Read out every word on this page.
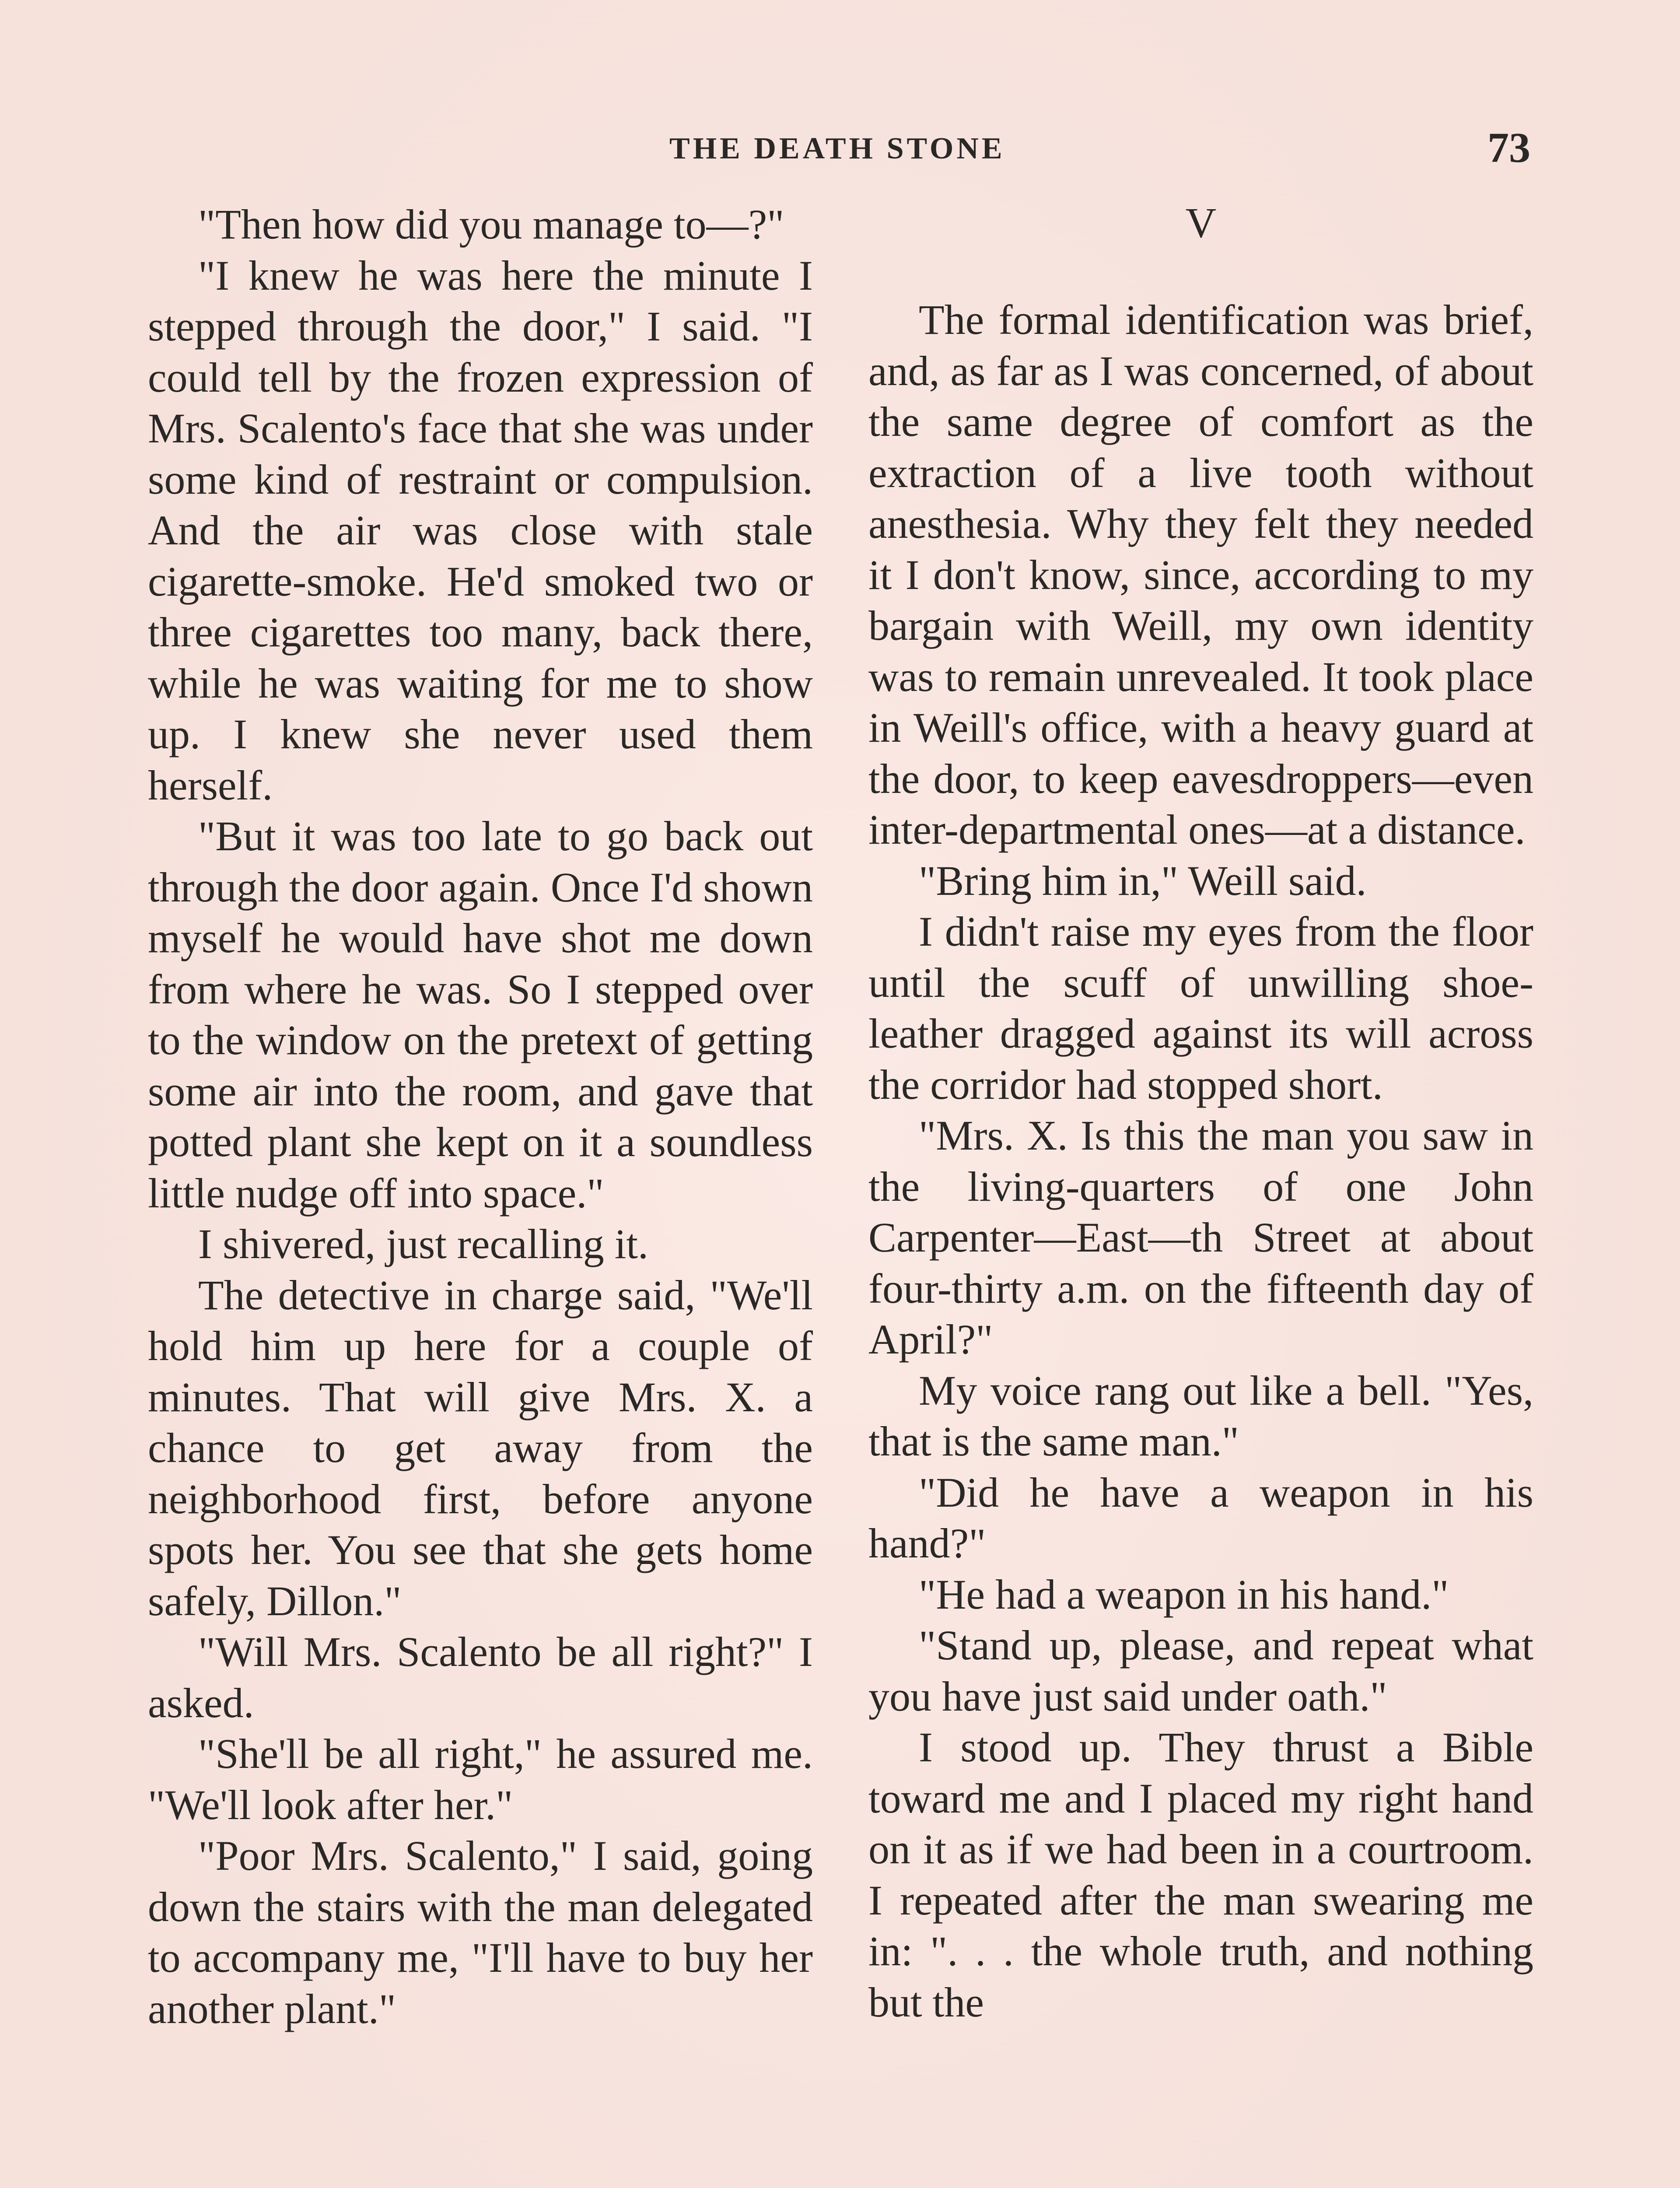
THE DEATH STONE	73

"Then how did you manage to—?"

"I knew he was here the minute I stepped through the door," I said. "I could tell by the frozen expression of Mrs. Scalento's face that she was under some kind of restraint or compulsion. And the air was close with stale cigarette-smoke. He'd smoked two or three cigarettes too many, back there, while he was waiting for me to show up. I knew she never used them herself.

"But it was too late to go back out through the door again. Once I'd shown myself he would have shot me down from where he was. So I stepped over to the window on the pretext of getting some air into the room, and gave that potted plant she kept on it a soundless little nudge off into space."

I shivered, just recalling it.

The detective in charge said, "We'll hold him up here for a couple of minutes. That will give Mrs. X. a chance to get away from the neighborhood first, before anyone spots her. You see that she gets home safely, Dillon."

"Will Mrs. Scalento be all right?" I asked.

"She'll be all right," he assured me. "We'll look after her."

"Poor Mrs. Scalento," I said, going down the stairs with the man delegated to accompany me, "I'll have to buy her another plant."

V

The formal identification was brief, and, as far as I was concerned, of about the same degree of comfort as the extraction of a live tooth without anesthesia. Why they felt they needed it I don't know, since, according to my bargain with Weill, my own identity was to remain unrevealed. It took place in Weill's office, with a heavy guard at the door, to keep eavesdroppers—even inter-departmental ones—at a distance.

"Bring him in," Weill said.

I didn't raise my eyes from the floor until the scuff of unwilling shoe-leather dragged against its will across the corridor had stopped short.

"Mrs. X. Is this the man you saw in the living-quarters of one John Carpenter—East—th Street at about four-thirty a.m. on the fifteenth day of April?"

My voice rang out like a bell. "Yes, that is the same man."

"Did he have a weapon in his hand?"

"He had a weapon in his hand."

"Stand up, please, and repeat what you have just said under oath."

I stood up. They thrust a Bible toward me and I placed my right hand on it as if we had been in a courtroom. I repeated after the man swearing me in: ". . . the whole truth, and nothing but the
